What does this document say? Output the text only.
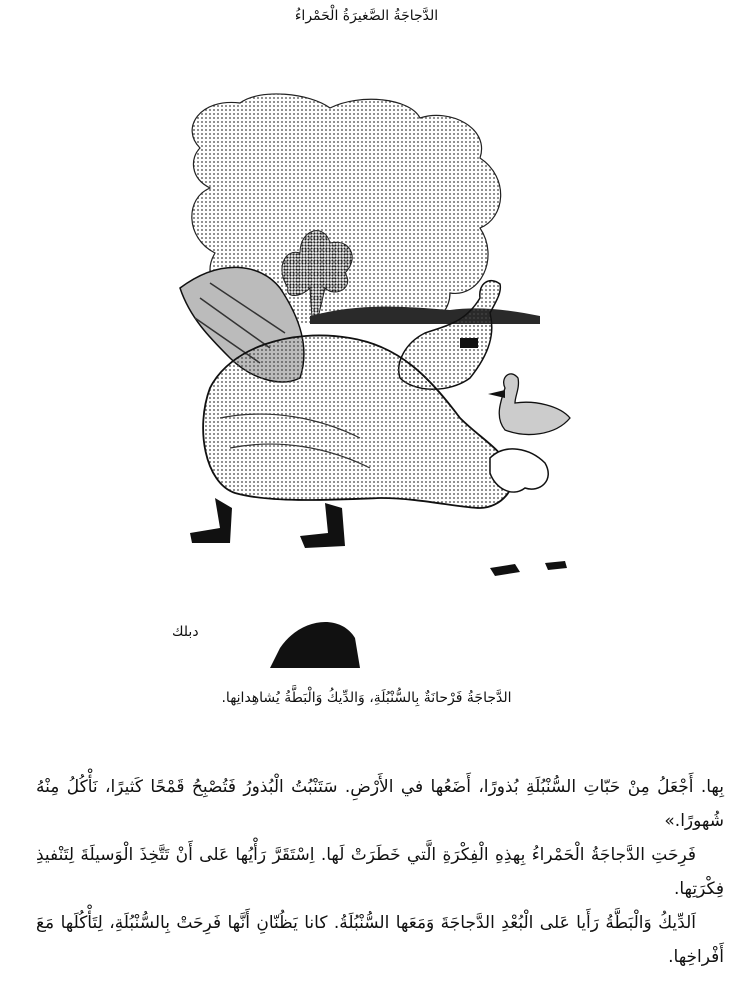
الدَّجاجَةُ الصَّغيرَةُ الْحَمْراءُ
دبلك
الدَّجاجَةُ فَرْحانَةٌ بِالسُّنْبُلَةِ، وَالدِّيكُ وَالْبَطَّةُ يُشاهِدانِها.

بِها. أَجْعَلُ مِنْ حَبّاتِ السُّنْبُلَةِ بُذورًا، أَضَعُها في الأَرْضِ. سَتَنْبُتُ الْبُذورُ فَتُصْبِحُ قَمْحًا كَثيرًا، نَأْكُلُ مِنْهُ شُهورًا.»

فَرِحَتِ الدَّجاجَةُ الْحَمْراءُ بِهذِهِ الْفِكْرَةِ الَّتي خَطَرَتْ لَها. اِسْتَقَرَّ رَأْيُها عَلى أَنْ تَتَّخِذَ الْوَسيلَةَ لِتَنْفيذِ فِكْرَتِها.

اَلدِّيكُ وَالْبَطَّةُ رَأَيا عَلى الْبُعْدِ الدَّجاجَةَ وَمَعَها السُّنْبُلَةُ. كانا يَظُنّانِ أَنَّها فَرِحَتْ بِالسُّنْبُلَةِ، لِتَأْكُلَها مَعَ أَفْراخِها.
